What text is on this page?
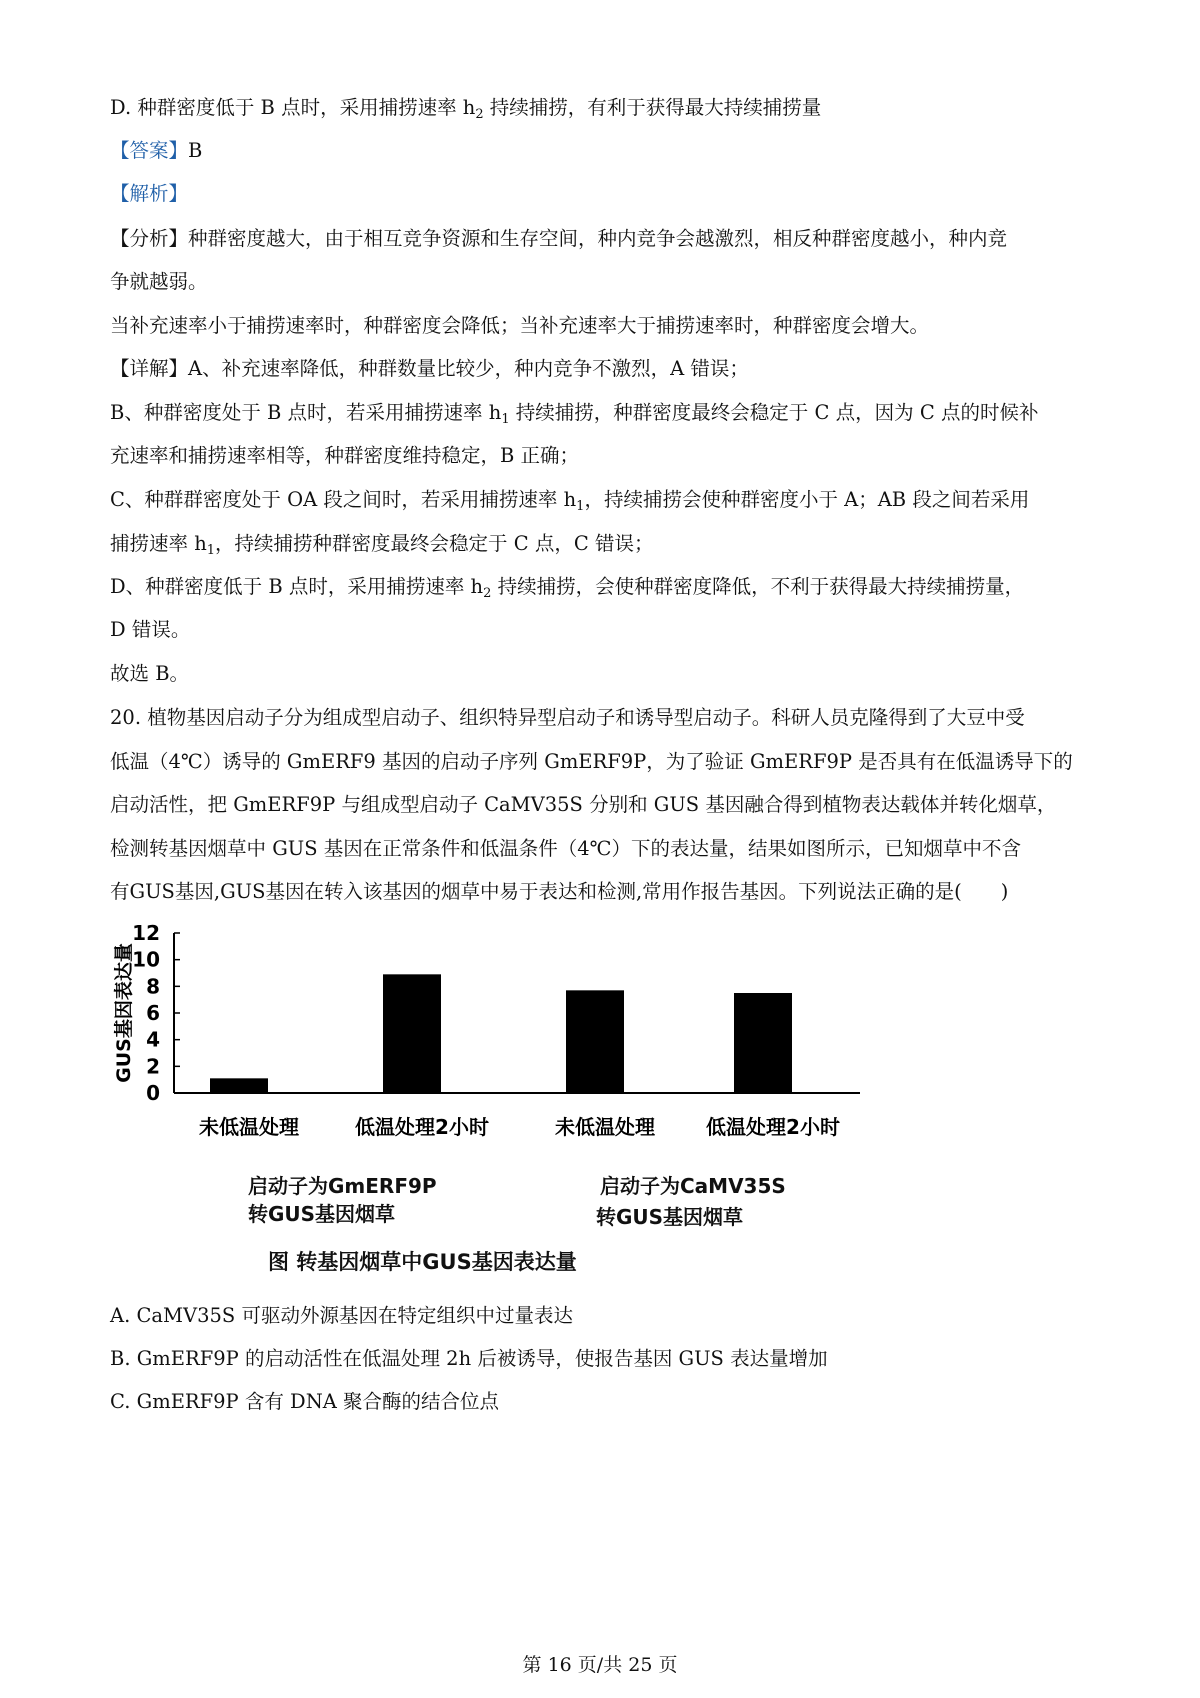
D. 种群密度低于 B 点时，采用捕捞速率 $h_2$ 持续捕捞，有利于获得最大持续捕捞量
【答案】B
【解析】
【分析】种群密度越大，由于相互竞争资源和生存空间，种内竞争会越激烈，相反种群密度越小，种内竞
争就越弱。
当补充速率小于捕捞速率时，种群密度会降低；当补充速率大于捕捞速率时，种群密度会增大。
【详解】A、补充速率降低，种群数量比较少，种内竞争不激烈，A 错误；
B、种群密度处于 B 点时，若采用捕捞速率 $h_1$ 持续捕捞，种群密度最终会稳定于 C 点，因为 C 点的时候补
充速率和捕捞速率相等，种群密度维持稳定，B 正确；
C、种群群密度处于 OA 段之间时，若采用捕捞速率 $h_1$，持续捕捞会使种群密度小于 A；AB 段之间若采用
捕捞速率 $h_1$，持续捕捞种群密度最终会稳定于 C 点，C 错误；
D、种群密度低于 B 点时，采用捕捞速率 $h_2$ 持续捕捞，会使种群密度降低，不利于获得最大持续捕捞量，
D 错误。
故选 B。
20. 植物基因启动子分为组成型启动子、组织特异型启动子和诱导型启动子。科研人员克隆得到了大豆中受
低温（4℃）诱导的 GmERF9 基因的启动子序列 GmERF9P，为了验证 GmERF9P 是否具有在低温诱导下的
启动活性，把 GmERF9P 与组成型启动子 CaMV35S 分别和 GUS 基因融合得到植物表达载体并转化烟草，
检测转基因烟草中 GUS 基因在正常条件和低温条件（4℃）下的表达量，结果如图所示，已知烟草中不含
有GUS基因,GUS基因在转入该基因的烟草中易于表达和检测,常用作报告基因。下列说法正确的是(　　)
0
2
4
6
8
10
12
GUS基因表达量
未低温处理	低温处理2小时	未低温处理	低温处理2小时
启动子为GmERF9P
转GUS基因烟草
启动子为CaMV35S
转GUS基因烟草
图 转基因烟草中GUS基因表达量
A. CaMV35S 可驱动外源基因在特定组织中过量表达
B. GmERF9P 的启动活性在低温处理 2h 后被诱导，使报告基因 GUS 表达量增加
C. GmERF9P 含有 DNA 聚合酶的结合位点
第 16 页/共 25 页
